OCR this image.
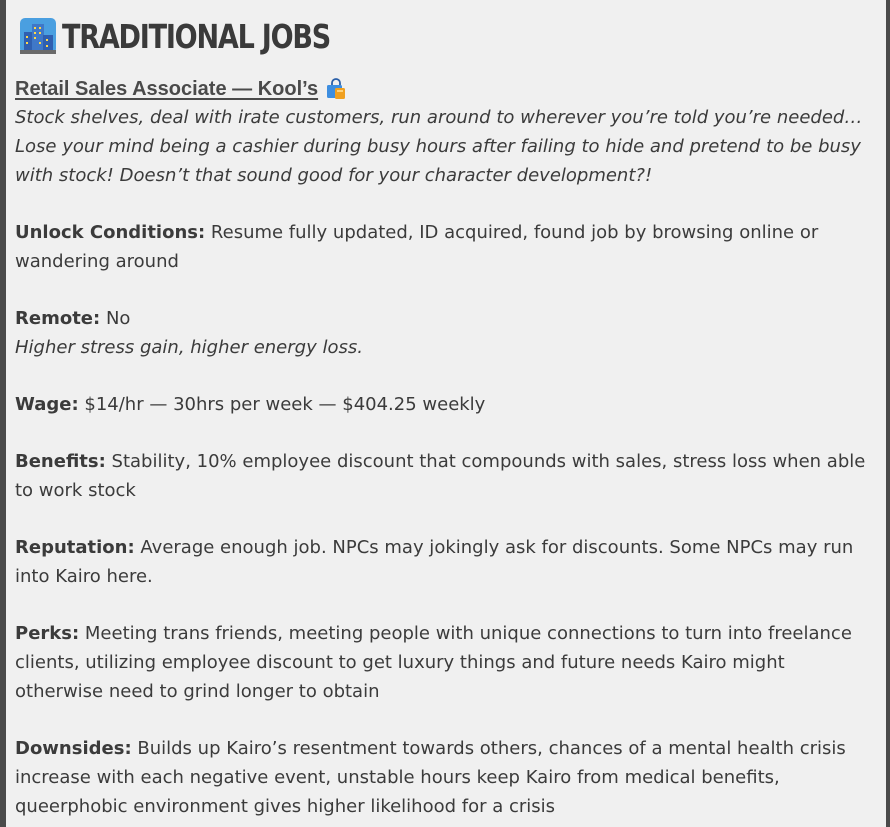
TRADITIONAL JOBS
Retail Sales Associate — Kool’s

Stock shelves, deal with irate customers, run around to wherever you’re told you’re needed… Lose your mind being a cashier during busy hours after failing to hide and pretend to be busy with stock! Doesn’t that sound good for your character development?!

Unlock Conditions: Resume fully updated, ID acquired, found job by browsing online or wandering around

Remote: No

Higher stress gain, higher energy loss.

Wage: $14/hr — 30hrs per week — $404.25 weekly

Benefits: Stability, 10% employee discount that compounds with sales, stress loss when able to work stock

Reputation: Average enough job. NPCs may jokingly ask for discounts. Some NPCs may run into Kairo here.

Perks: Meeting trans friends, meeting people with unique connections to turn into freelance clients, utilizing employee discount to get luxury things and future needs Kairo might otherwise need to grind longer to obtain

Downsides: Builds up Kairo’s resentment towards others, chances of a mental health crisis increase with each negative event, unstable hours keep Kairo from medical benefits, queerphobic environment gives higher likelihood for a crisis
